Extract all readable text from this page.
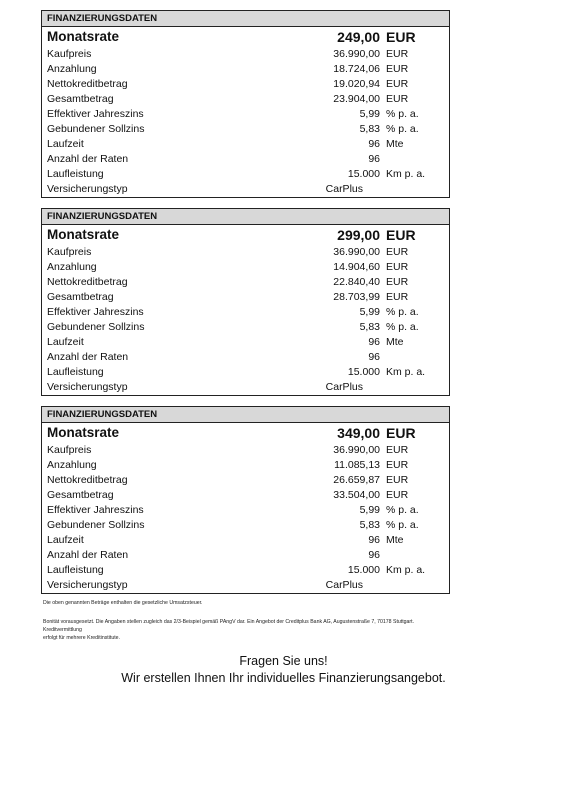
FINANZIERUNGSDATEN
Monatsrate	249,00 EUR
Kaufpreis	36.990,00 EUR
Anzahlung	18.724,06 EUR
Nettokreditbetrag	19.020,94 EUR
Gesamtbetrag	23.904,00 EUR
Effektiver Jahreszins	5,99 % p. a.
Gebundener Sollzins	5,83 % p. a.
Laufzeit	96 Mte
Anzahl der Raten	96
Laufleistung	15.000 Km p. a.
Versicherungstyp	CarPlus
FINANZIERUNGSDATEN
Monatsrate	299,00 EUR
Kaufpreis	36.990,00 EUR
Anzahlung	14.904,60 EUR
Nettokreditbetrag	22.840,40 EUR
Gesamtbetrag	28.703,99 EUR
Effektiver Jahreszins	5,99 % p. a.
Gebundener Sollzins	5,83 % p. a.
Laufzeit	96 Mte
Anzahl der Raten	96
Laufleistung	15.000 Km p. a.
Versicherungstyp	CarPlus
FINANZIERUNGSDATEN
Monatsrate	349,00 EUR
Kaufpreis	36.990,00 EUR
Anzahlung	11.085,13 EUR
Nettokreditbetrag	26.659,87 EUR
Gesamtbetrag	33.504,00 EUR
Effektiver Jahreszins	5,99 % p. a.
Gebundener Sollzins	5,83 % p. a.
Laufzeit	96 Mte
Anzahl der Raten	96
Laufleistung	15.000 Km p. a.
Versicherungstyp	CarPlus
Die oben genannten Beträge enthalten die gesetzliche Umsatzsteuer.
Bonität vorausgesetzt. Die Angaben stellen zugleich das 2/3-Beispiel gemäß PAngV dar. Ein Angebot der Creditplus Bank AG, Augustenstraße 7, 70178 Stuttgart.
Kreditvermittlung
erfolgt für mehrere Kreditinstitute.
Fragen Sie uns!
Wir erstellen Ihnen Ihr individuelles Finanzierungsangebot.
